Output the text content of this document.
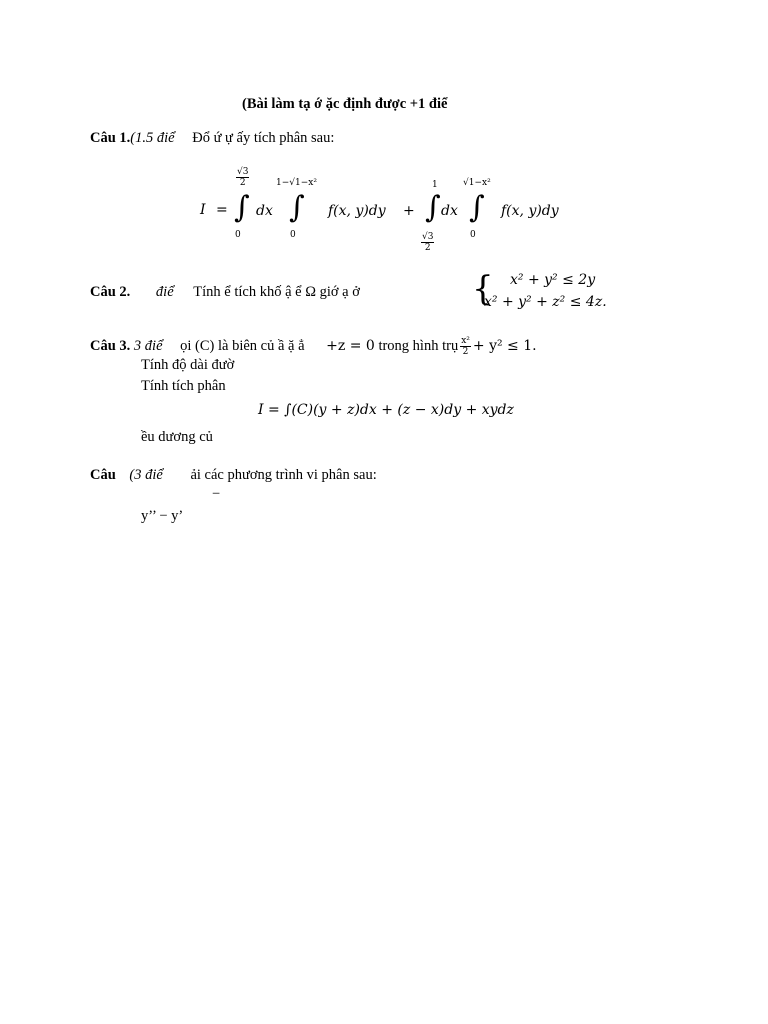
(Bài làm tạ ớ ặc định được +1 điể
Câu 1.(1.5 điể Đổ ứ ự ấy tích phân sau:
I =
$\frac{√3}{2}$
∫
0
dx
1−√1−x²
∫
0
f(x, y)dy +
1
∫
$\frac{√3}{2}$
dx
√1−x²
∫
0
f(x, y)dy
Câu 2. điể Tính ể tích khố ậ ể Ω giớ ạ ở	{ x² + y² ≤ 2y
x² + y² + z² ≤ 4z.
Câu 3. 3 điể ọi (C) là biên củ ầ ặ ẳ +z = 0 trong hình trụ $\frac{\text{x²}}{2} + y^2 \le 1$.
Tính độ dài đườ
Tính tích phân
I = ∫(C)(y + z)dx + (z − x)dy + xydz
ều dương củ
Câu (3 điể ải các phương trình vi phân sau:
−
y’’ − y’
